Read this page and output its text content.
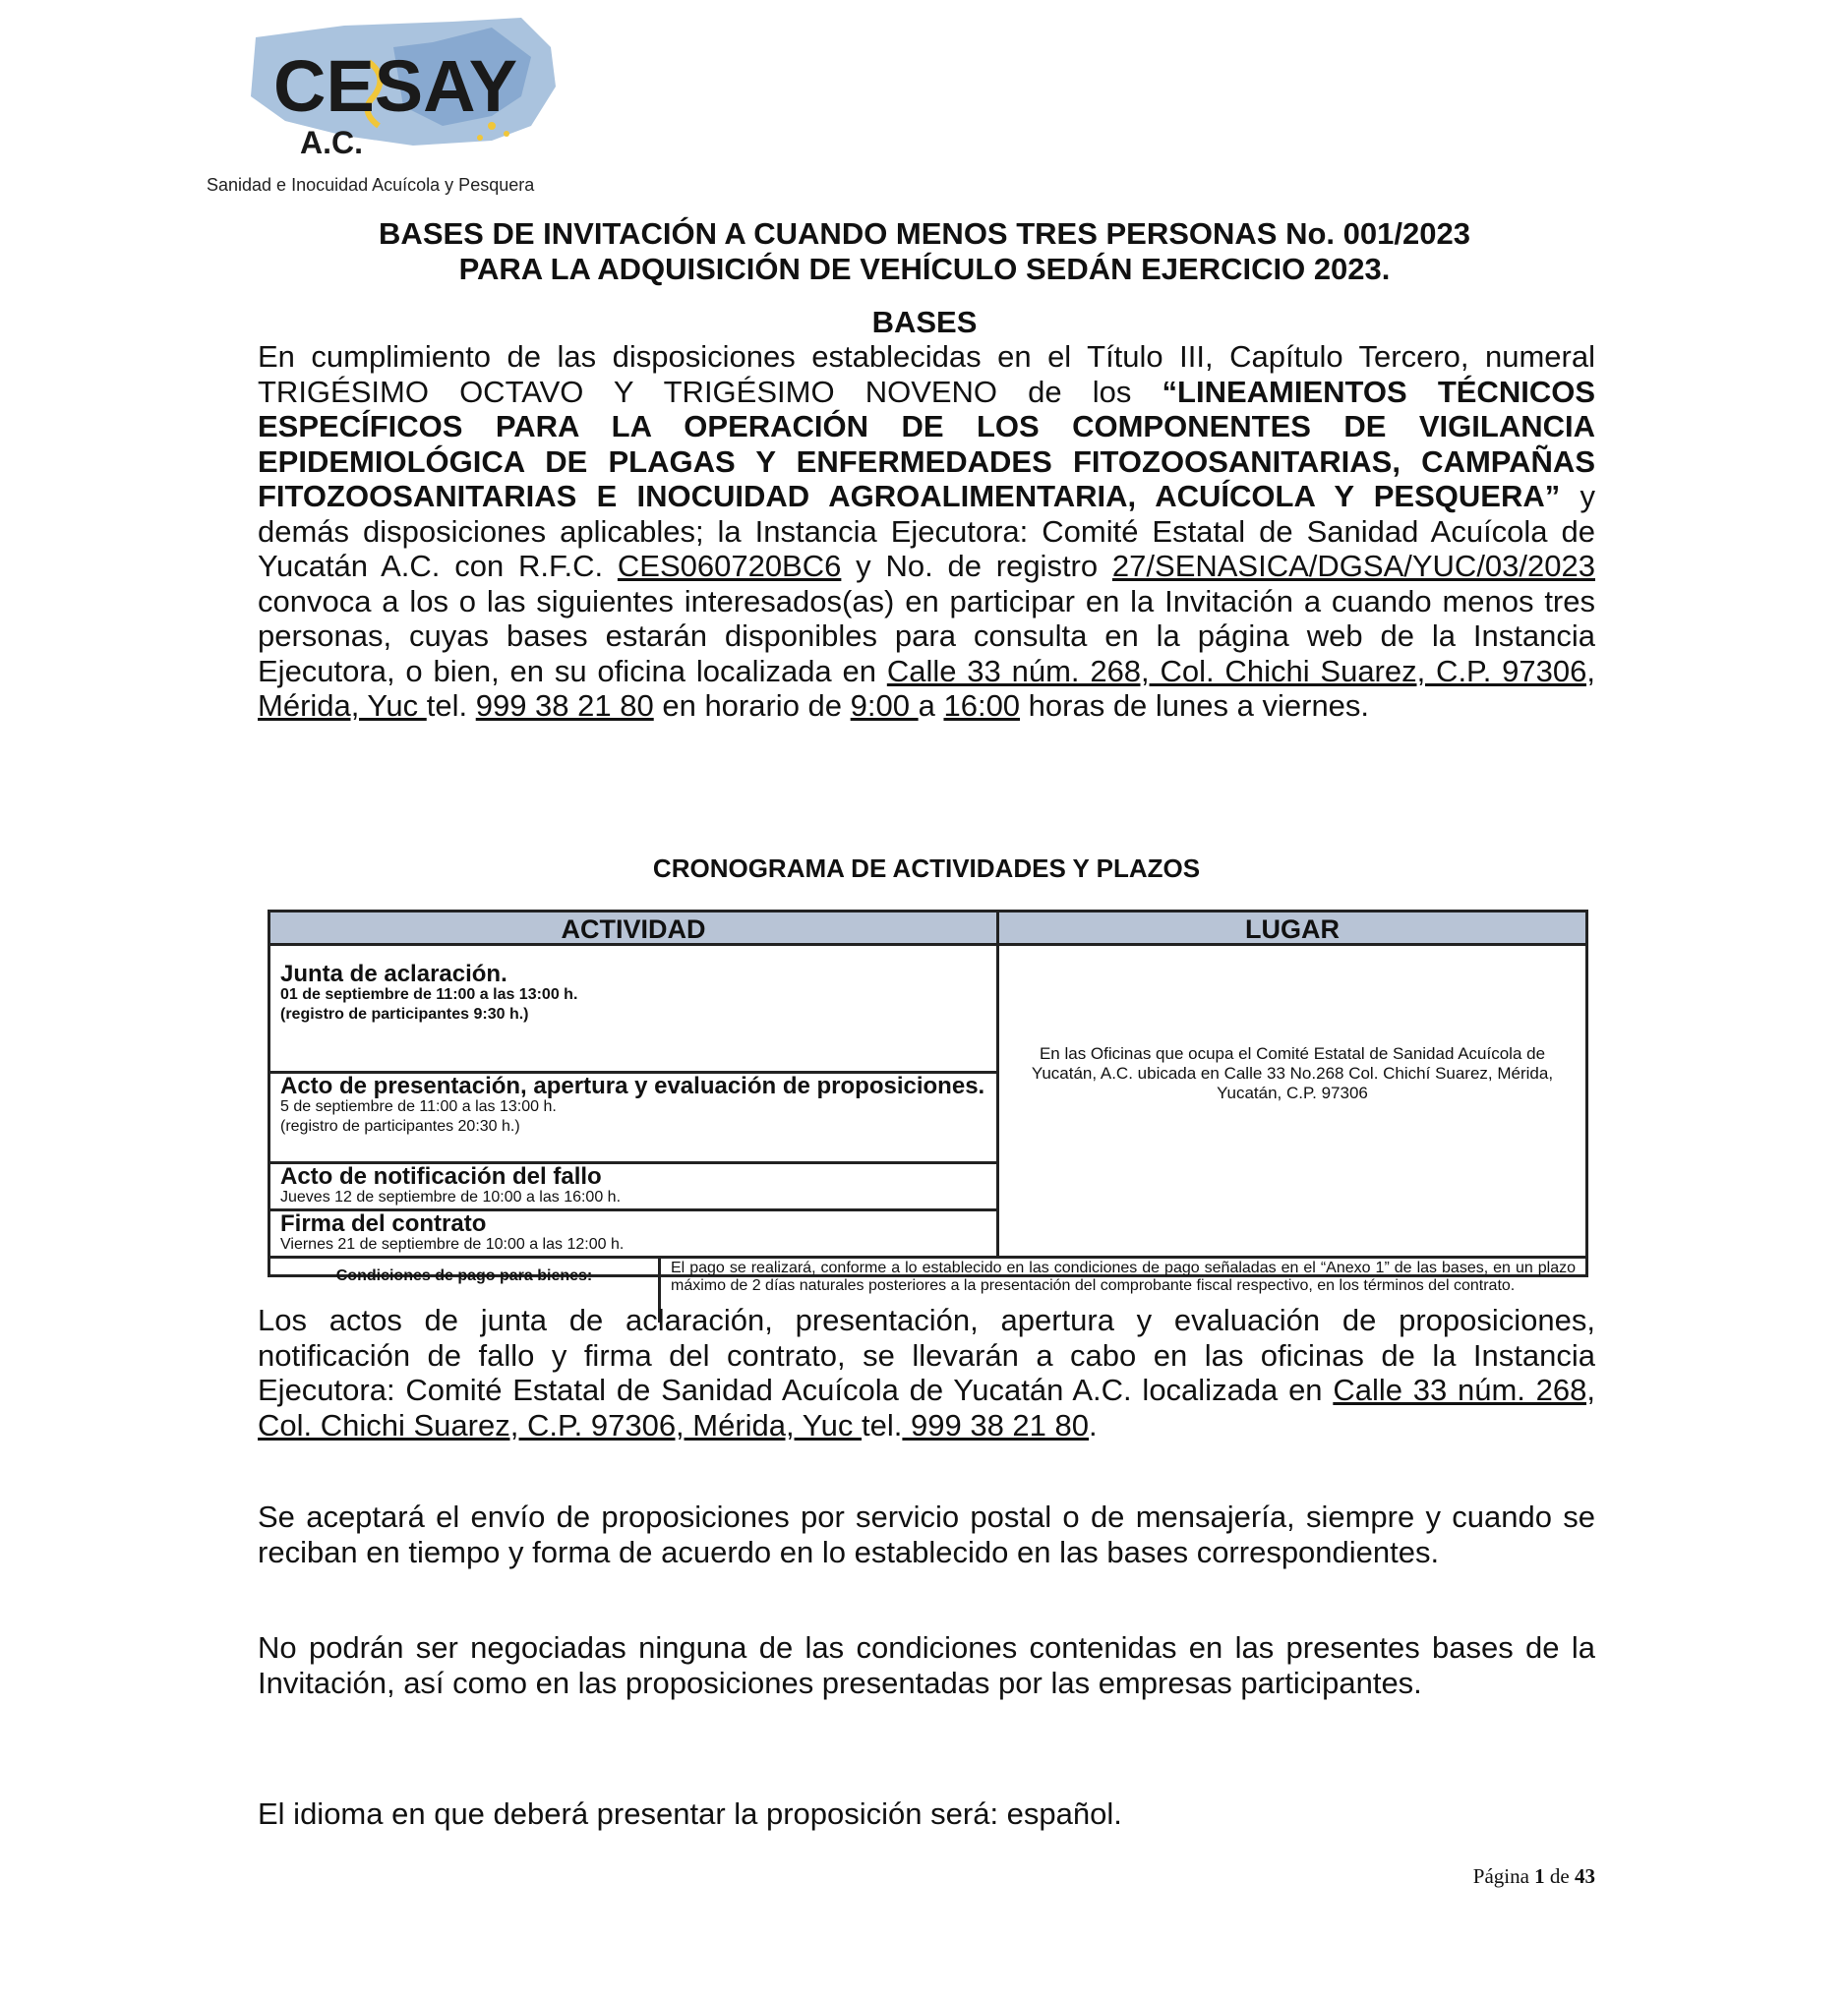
CESAY
A.C.
Sanidad e Inocuidad Acuícola y Pesquera
BASES DE INVITACIÓN A CUANDO MENOS TRES PERSONAS No. 001/2023
PARA LA ADQUISICIÓN DE VEHÍCULO SEDÁN EJERCICIO 2023.
BASES
En cumplimiento de las disposiciones establecidas en el Título III, Capítulo Tercero, numeral TRIGÉSIMO OCTAVO Y TRIGÉSIMO NOVENO de los “LINEAMIENTOS TÉCNICOS ESPECÍFICOS PARA LA OPERACIÓN DE LOS COMPONENTES DE VIGILANCIA EPIDEMIOLÓGICA DE PLAGAS Y ENFERMEDADES FITOZOOSANITARIAS, CAMPAÑAS FITOZOOSANITARIAS E INOCUIDAD AGROALIMENTARIA, ACUÍCOLA Y PESQUERA” y demás disposiciones aplicables; la Instancia Ejecutora: Comité Estatal de Sanidad Acuícola de Yucatán A.C. con R.F.C. CES060720BC6 y No. de registro 27/SENASICA/DGSA/YUC/03/2023 convoca a los o las siguientes interesados(as) en participar en la Invitación a cuando menos tres personas, cuyas bases estarán disponibles para consulta en la página web de la Instancia Ejecutora, o bien, en su oficina localizada en Calle 33 núm. 268, Col. Chichi Suarez, C.P. 97306, Mérida, Yuc tel. 999 38 21 80 en horario de 9:00 a 16:00 horas de lunes a viernes.
CRONOGRAMA DE ACTIVIDADES Y PLAZOS
ACTIVIDAD	LUGAR
Junta de aclaración.
01 de septiembre de 11:00 a las 13:00 h.
(registro de participantes 9:30 h.)
Acto de presentación, apertura y evaluación de proposiciones.
5 de septiembre de 11:00 a las 13:00 h.
(registro de participantes 20:30 h.)
Acto de notificación del fallo
Jueves 12 de septiembre de 10:00 a las 16:00 h.
Firma del contrato
Viernes 21 de septiembre de 10:00 a las 12:00 h.
En las Oficinas que ocupa el Comité Estatal de Sanidad Acuícola de Yucatán, A.C. ubicada en Calle 33 No.268 Col. Chichí Suarez, Mérida, Yucatán, C.P. 97306
Condiciones de pago para bienes:	El pago se realizará, conforme a lo establecido en las condiciones de pago señaladas en el “Anexo 1” de las bases, en un plazo máximo de 2 días naturales posteriores a la presentación del comprobante fiscal respectivo, en los términos del contrato.
Los actos de junta de aclaración, presentación, apertura y evaluación de proposiciones, notificación de fallo y firma del contrato, se llevarán a cabo en las oficinas de la Instancia Ejecutora: Comité Estatal de Sanidad Acuícola de Yucatán A.C. localizada en Calle 33 núm. 268, Col. Chichi Suarez, C.P. 97306, Mérida, Yuc tel. 999 38 21 80.
Se aceptará el envío de proposiciones por servicio postal o de mensajería, siempre y cuando se reciban en tiempo y forma de acuerdo en lo establecido en las bases correspondientes.
No podrán ser negociadas ninguna de las condiciones contenidas en las presentes bases de la Invitación, así como en las proposiciones presentadas por las empresas participantes.
El idioma en que deberá presentar la proposición será: español.
Página 1 de 43
